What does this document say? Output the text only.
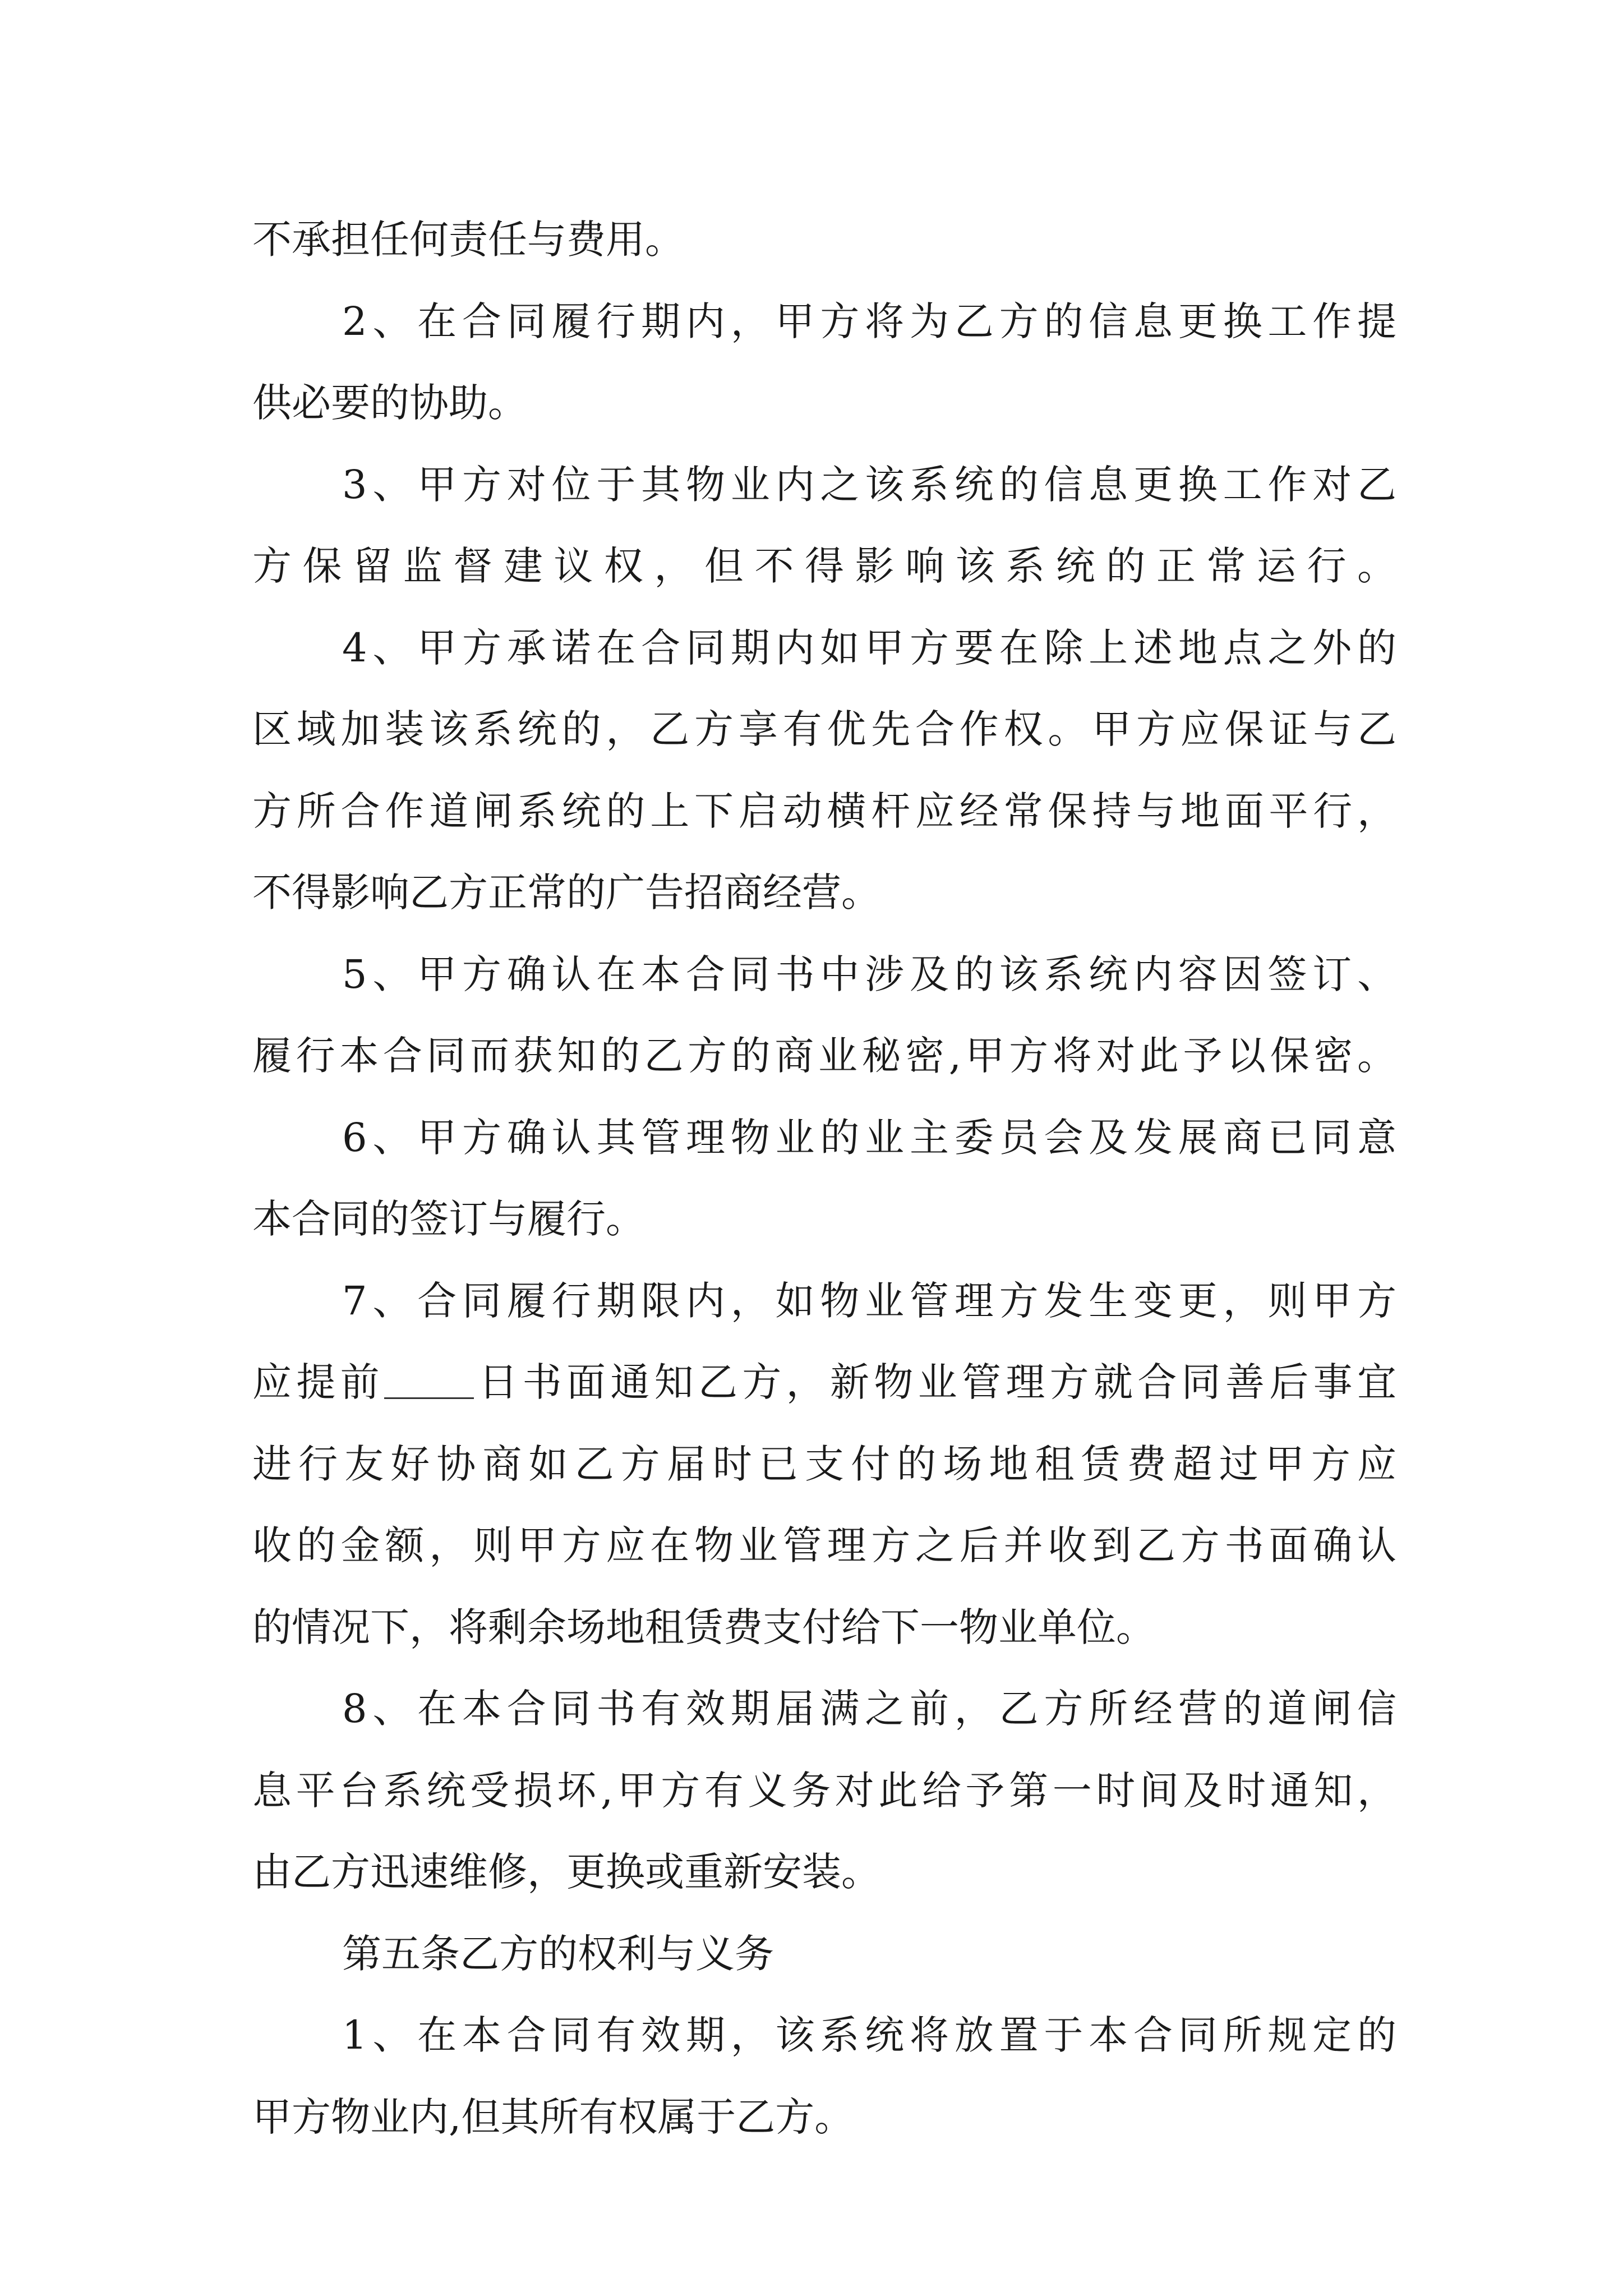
不承担任何责任与费用。
2、在合同履行期内，甲方将为乙方的信息更换工作提
供必要的协助。
3、甲方对位于其物业内之该系统的信息更换工作对乙
方保留监督建议权，但不得影响该系统的正常运行。
4、甲方承诺在合同期内如甲方要在除上述地点之外的
区域加装该系统的，乙方享有优先合作权。甲方应保证与乙
方所合作道闸系统的上下启动横杆应经常保持与地面平行，
不得影响乙方正常的广告招商经营。
5、甲方确认在本合同书中涉及的该系统内容因签订、
履行本合同而获知的乙方的商业秘密,甲方将对此予以保密。
6、甲方确认其管理物业的业主委员会及发展商已同意
本合同的签订与履行。
7、合同履行期限内，如物业管理方发生变更，则甲方
应提前 日书面通知乙方，新物业管理方就合同善后事宜
进行友好协商如乙方届时已支付的场地租赁费超过甲方应
收的金额，则甲方应在物业管理方之后并收到乙方书面确认
的情况下，将剩余场地租赁费支付给下一物业单位。
8、在本合同书有效期届满之前，乙方所经营的道闸信
息平台系统受损坏,甲方有义务对此给予第一时间及时通知，
由乙方迅速维修，更换或重新安装。
第五条乙方的权利与义务
1、在本合同有效期，该系统将放置于本合同所规定的
甲方物业内,但其所有权属于乙方。
